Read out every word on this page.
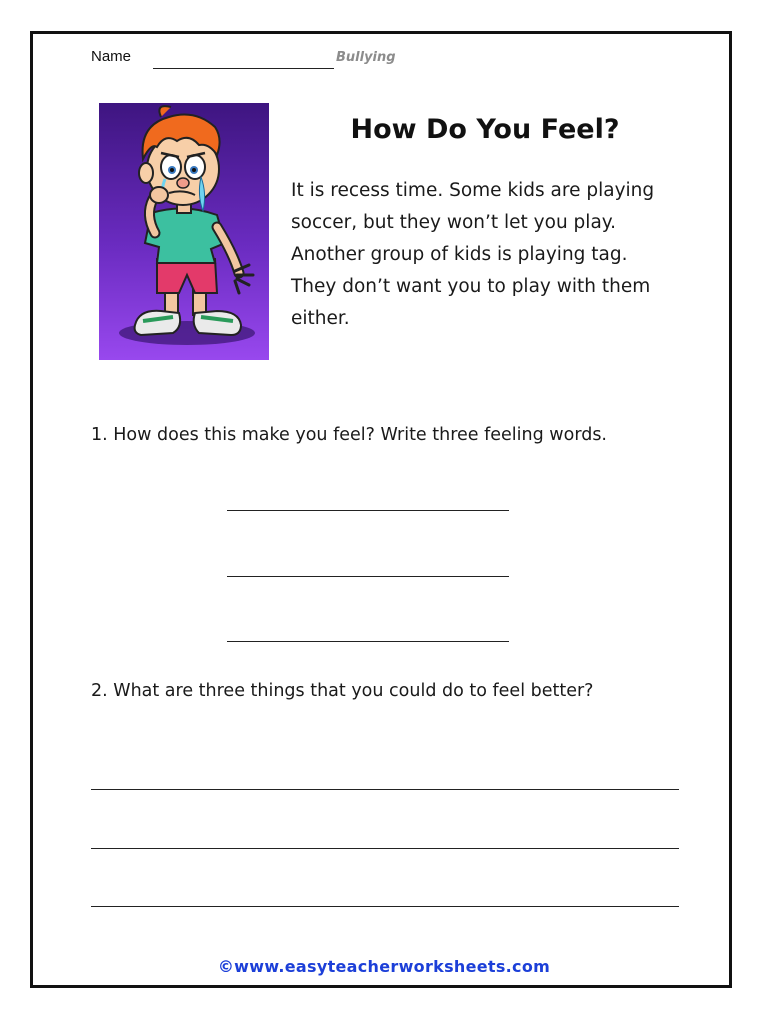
Name	Bullying
How Do You Feel?

It is recess time. Some kids are playing

soccer, but they won’t let you play.

Another group of kids is playing tag.

They don’t want you to play with them

either.

1. How does this make you feel? Write three feeling words.
2. What are three things that you could do to feel better?
©www.easyteacherworksheets.com
